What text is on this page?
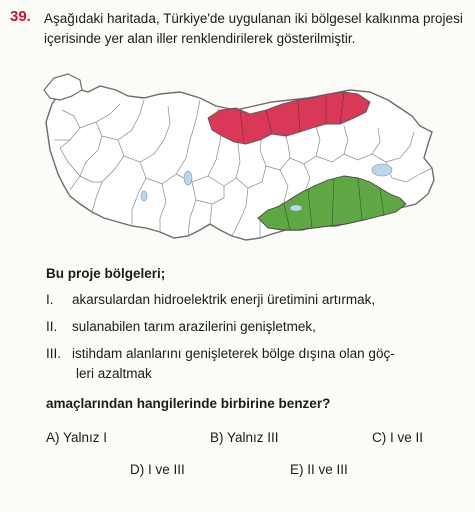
39. Aşağıdaki haritada, Türkiye'de uygulanan iki bölgesel kalkınma projesi içerisinde yer alan iller renklendirilerek gösterilmiştir.
Bu proje bölgeleri;
I. akarsulardan hidroelektrik enerji üretimini artırmak,
II. sulanabilen tarım arazilerini genişletmek,
III. istihdam alanlarını genişleterek bölge dışına olan göç-
leri azaltmak
amaçlarından hangilerinde birbirine benzer?
A) Yalnız I	B) Yalnız III	C) I ve II
D) I ve III	E) II ve III
